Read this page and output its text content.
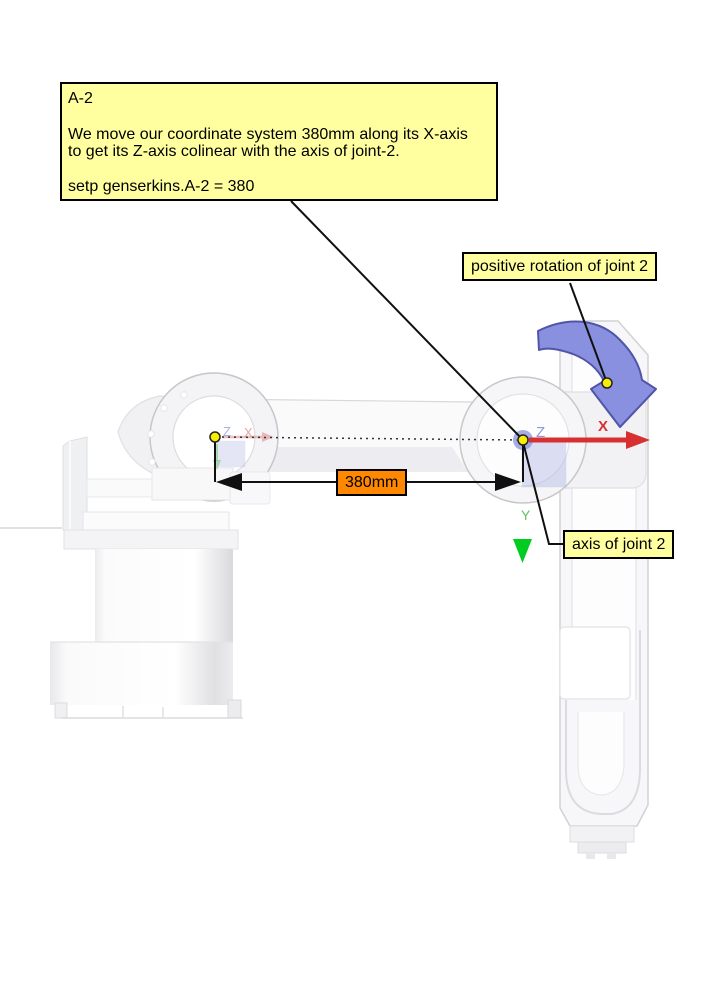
Z X	X
Z
Y
A-2
We move our coordinate system 380mm along its X-axis
to get its Z-axis colinear with the axis of joint-2.
setp genserkins.A-2 = 380
positive rotation of joint 2
axis of joint 2
380mm
